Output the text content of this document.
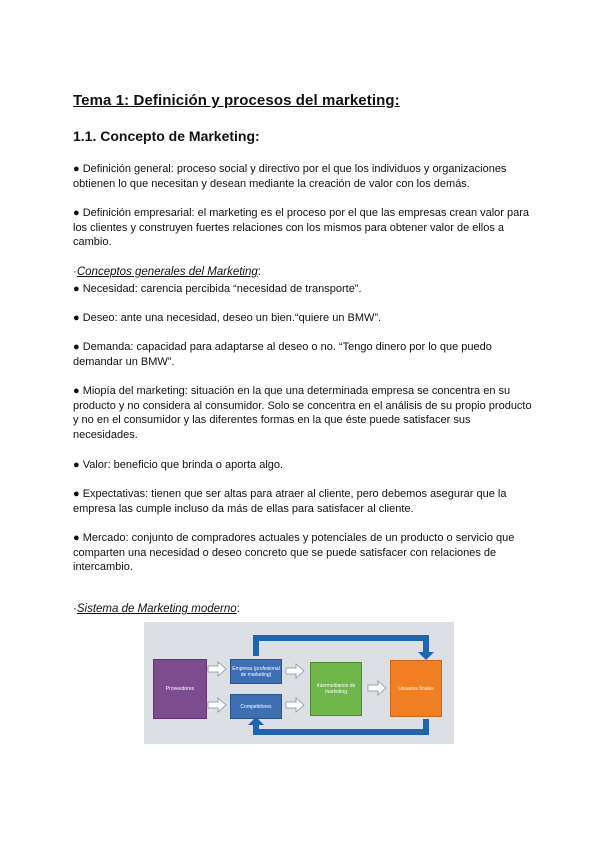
Tema 1: Definición y procesos del marketing:
1.1. Concepto de Marketing:
● Definición general: proceso social y directivo por el que los individuos y organizaciones obtienen lo que necesitan y desean mediante la creación de valor con los demás.
● Definición empresarial: el marketing es el proceso por el que las empresas crean valor para los clientes y construyen fuertes relaciones con los mismos para obtener valor de ellos a cambio.
·Conceptos generales del Marketing:
● Necesidad: carencia percibida “necesidad de transporte”.
● Deseo: ante una necesidad, deseo un bien.“quiere un BMW”.
● Demanda: capacidad para adaptarse al deseo o no. “Tengo dinero por lo que puedo demandar un BMW”.
● Miopía del marketing: situación en la que una determinada empresa se concentra en su producto y no considera al consumidor. Solo se concentra en el análisis de su propio producto y no en el consumidor y las diferentes formas en la que éste puede satisfacer sus necesidades.
● Valor: beneficio que brinda o aporta algo.
● Expectativas: tienen que ser altas para atraer al cliente, pero debemos asegurar que la empresa las cumple incluso da más de ellas para satisfacer al cliente.
● Mercado: conjunto de compradores actuales y potenciales de un producto o servicio que comparten una necesidad o deseo concreto que se puede satisfacer con relaciones de intercambio.
·Sistema de Marketing moderno:
Proveedores
Empresa (profesional de marketing)
Competidores
Intermediarios de marketing
Usuarios finales
